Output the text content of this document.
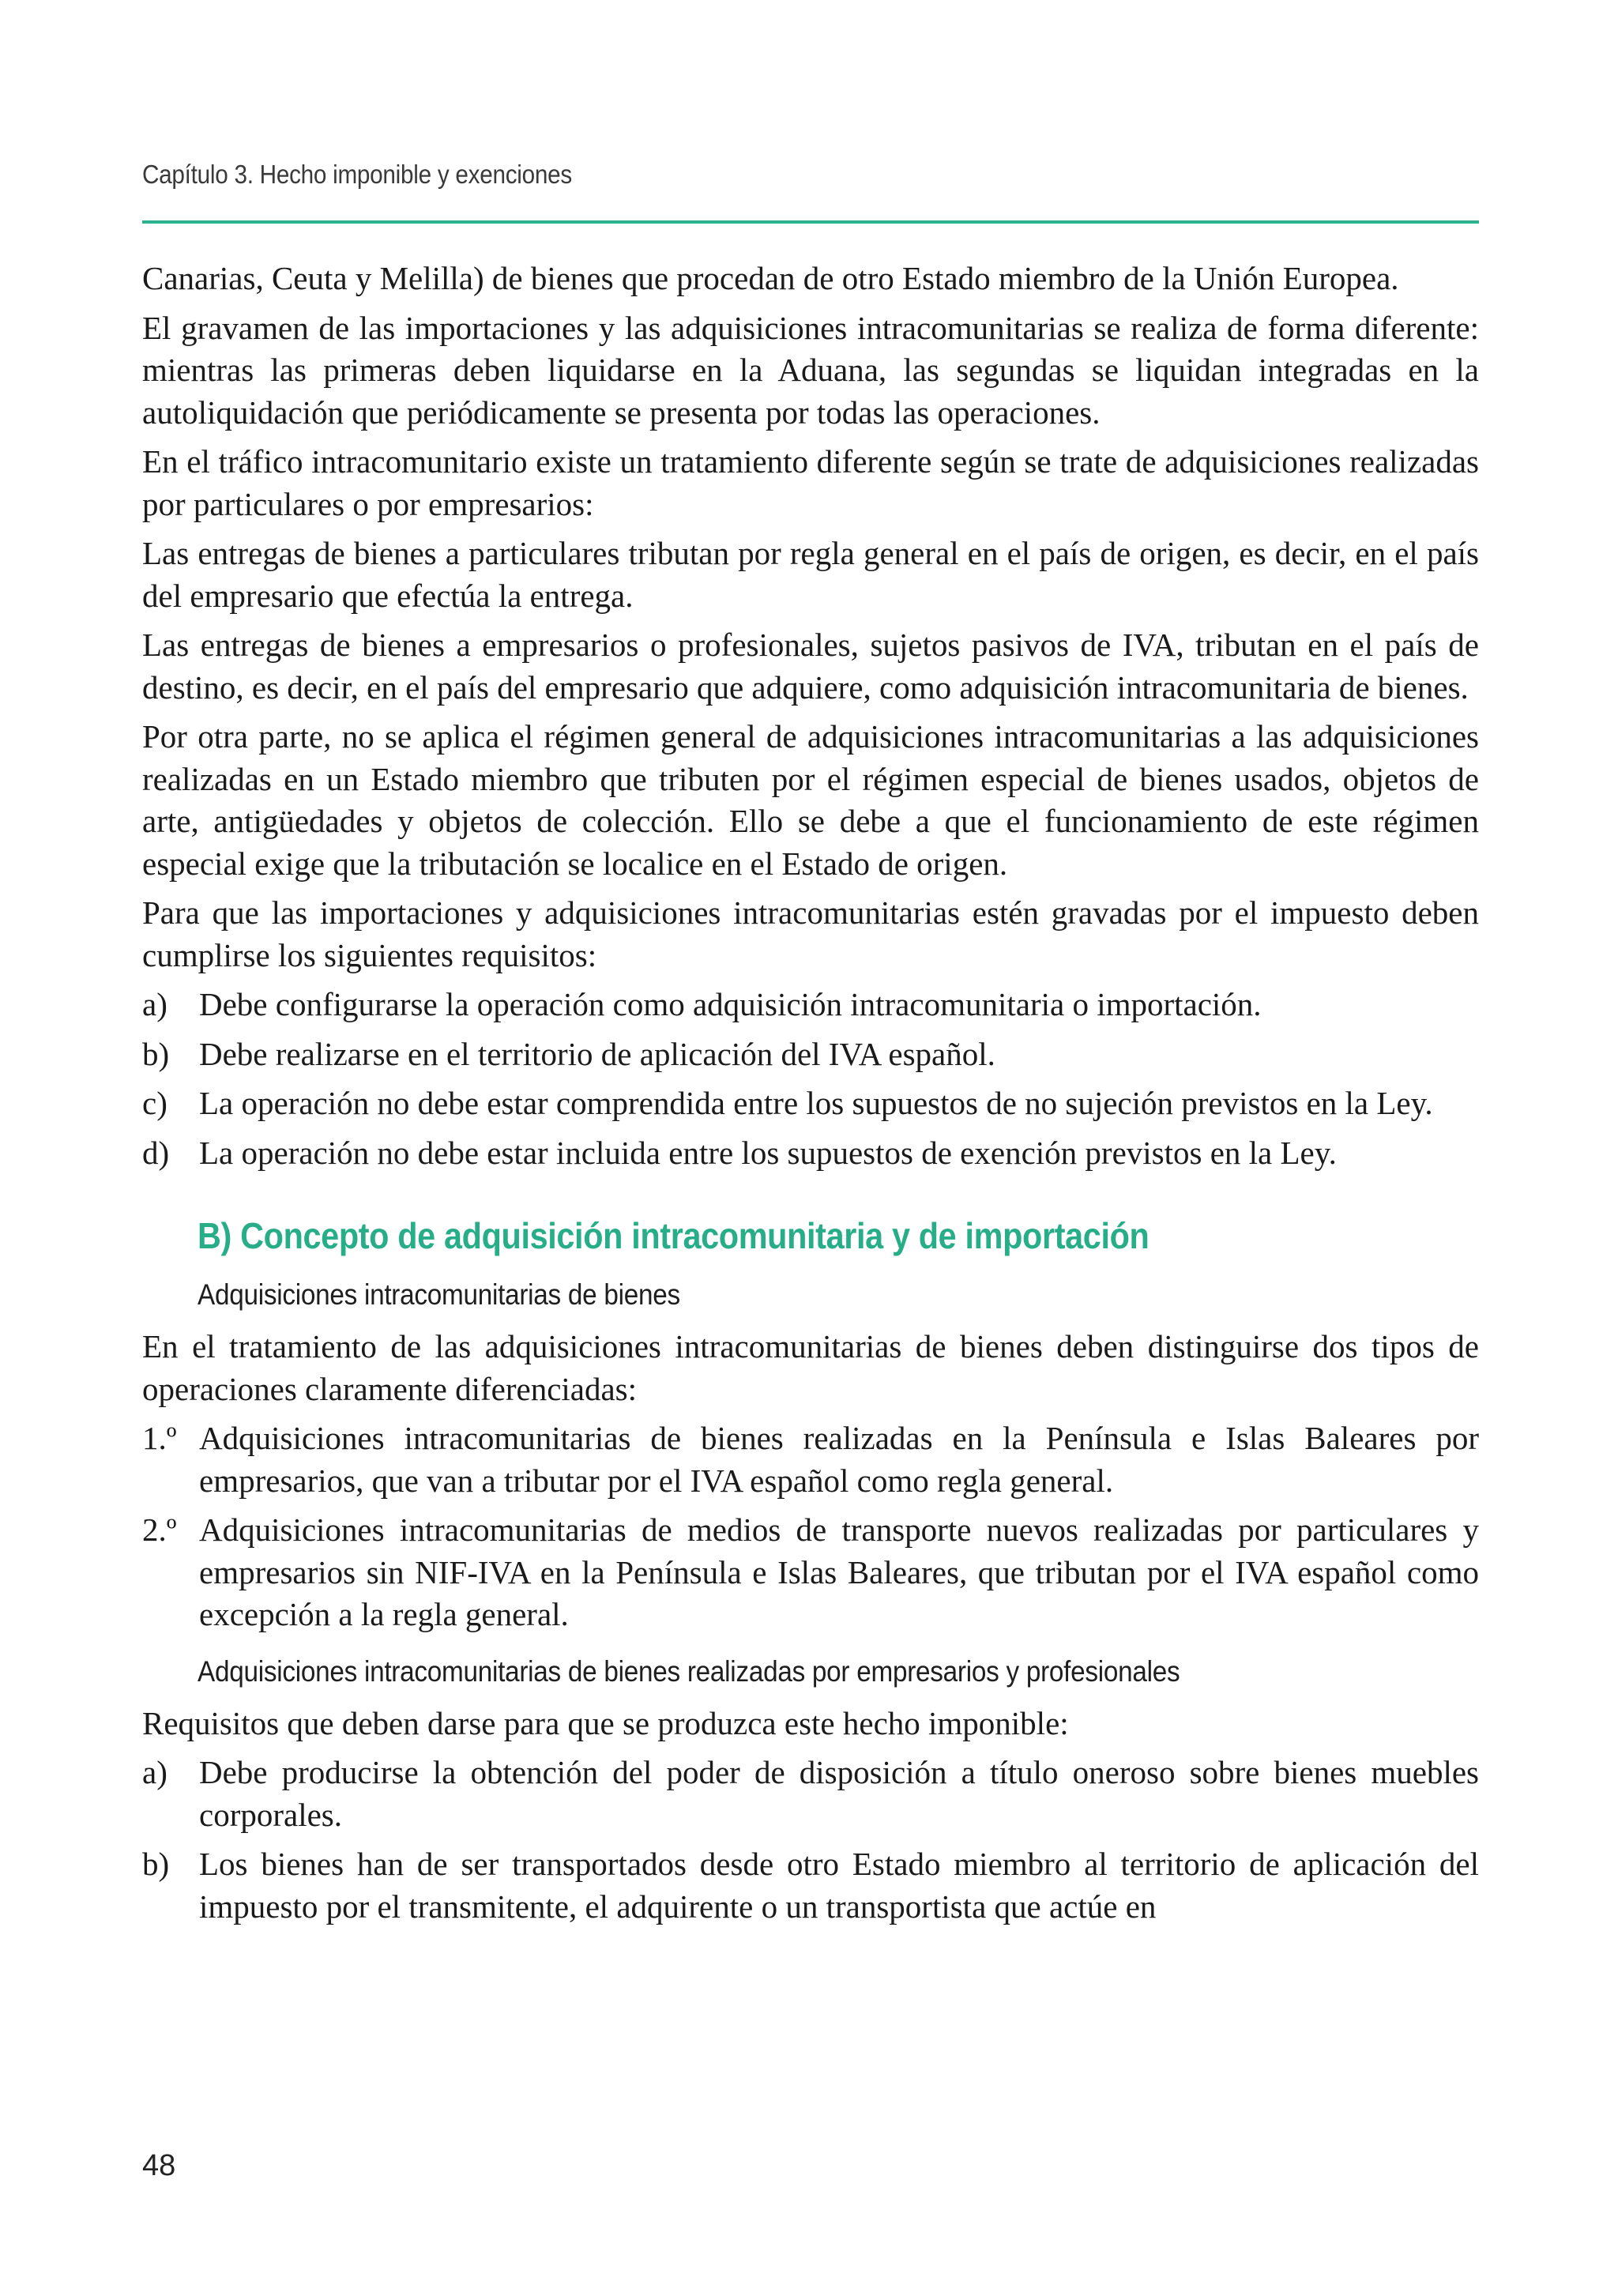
Capítulo 3. Hecho imponible y exenciones

Canarias, Ceuta y Melilla) de bienes que procedan de otro Estado miembro de la Unión Europea.

El gravamen de las importaciones y las adquisiciones intracomunitarias se realiza de forma diferente: mientras las primeras deben liquidarse en la Aduana, las segundas se liquidan integradas en la autoliquidación que periódicamente se presenta por todas las operaciones.

En el tráfico intracomunitario existe un tratamiento diferente según se trate de adquisiciones realizadas por particulares o por empresarios:

Las entregas de bienes a particulares tributan por regla general en el país de origen, es decir, en el país del empresario que efectúa la entrega.

Las entregas de bienes a empresarios o profesionales, sujetos pasivos de IVA, tributan en el país de destino, es decir, en el país del empresario que adquiere, como adquisición intracomunitaria de bienes.

Por otra parte, no se aplica el régimen general de adquisiciones intracomunitarias a las adquisiciones realizadas en un Estado miembro que tributen por el régimen especial de bienes usados, objetos de arte, antigüedades y objetos de colección. Ello se debe a que el funcionamiento de este régimen especial exige que la tributación se localice en el Estado de origen.

Para que las importaciones y adquisiciones intracomunitarias estén gravadas por el impuesto deben cumplirse los siguientes requisitos:

a) Debe configurarse la operación como adquisición intracomunitaria o importación.
b) Debe realizarse en el territorio de aplicación del IVA español.
c) La operación no debe estar comprendida entre los supuestos de no sujeción previstos en la Ley.
d) La operación no debe estar incluida entre los supuestos de exención previstos en la Ley.
B) Concepto de adquisición intracomunitaria y de importación
Adquisiciones intracomunitarias de bienes

En el tratamiento de las adquisiciones intracomunitarias de bienes deben distinguirse dos tipos de operaciones claramente diferenciadas:

1.º Adquisiciones intracomunitarias de bienes realizadas en la Península e Islas Baleares por empresarios, que van a tributar por el IVA español como regla general.
2.º Adquisiciones intracomunitarias de medios de transporte nuevos realizadas por particulares y empresarios sin NIF-IVA en la Península e Islas Baleares, que tributan por el IVA español como excepción a la regla general.
Adquisiciones intracomunitarias de bienes realizadas por empresarios y profesionales

Requisitos que deben darse para que se produzca este hecho imponible:

a) Debe producirse la obtención del poder de disposición a título oneroso sobre bienes muebles corporales.
b) Los bienes han de ser transportados desde otro Estado miembro al territorio de aplicación del impuesto por el transmitente, el adquirente o un transportista que actúe en
48
